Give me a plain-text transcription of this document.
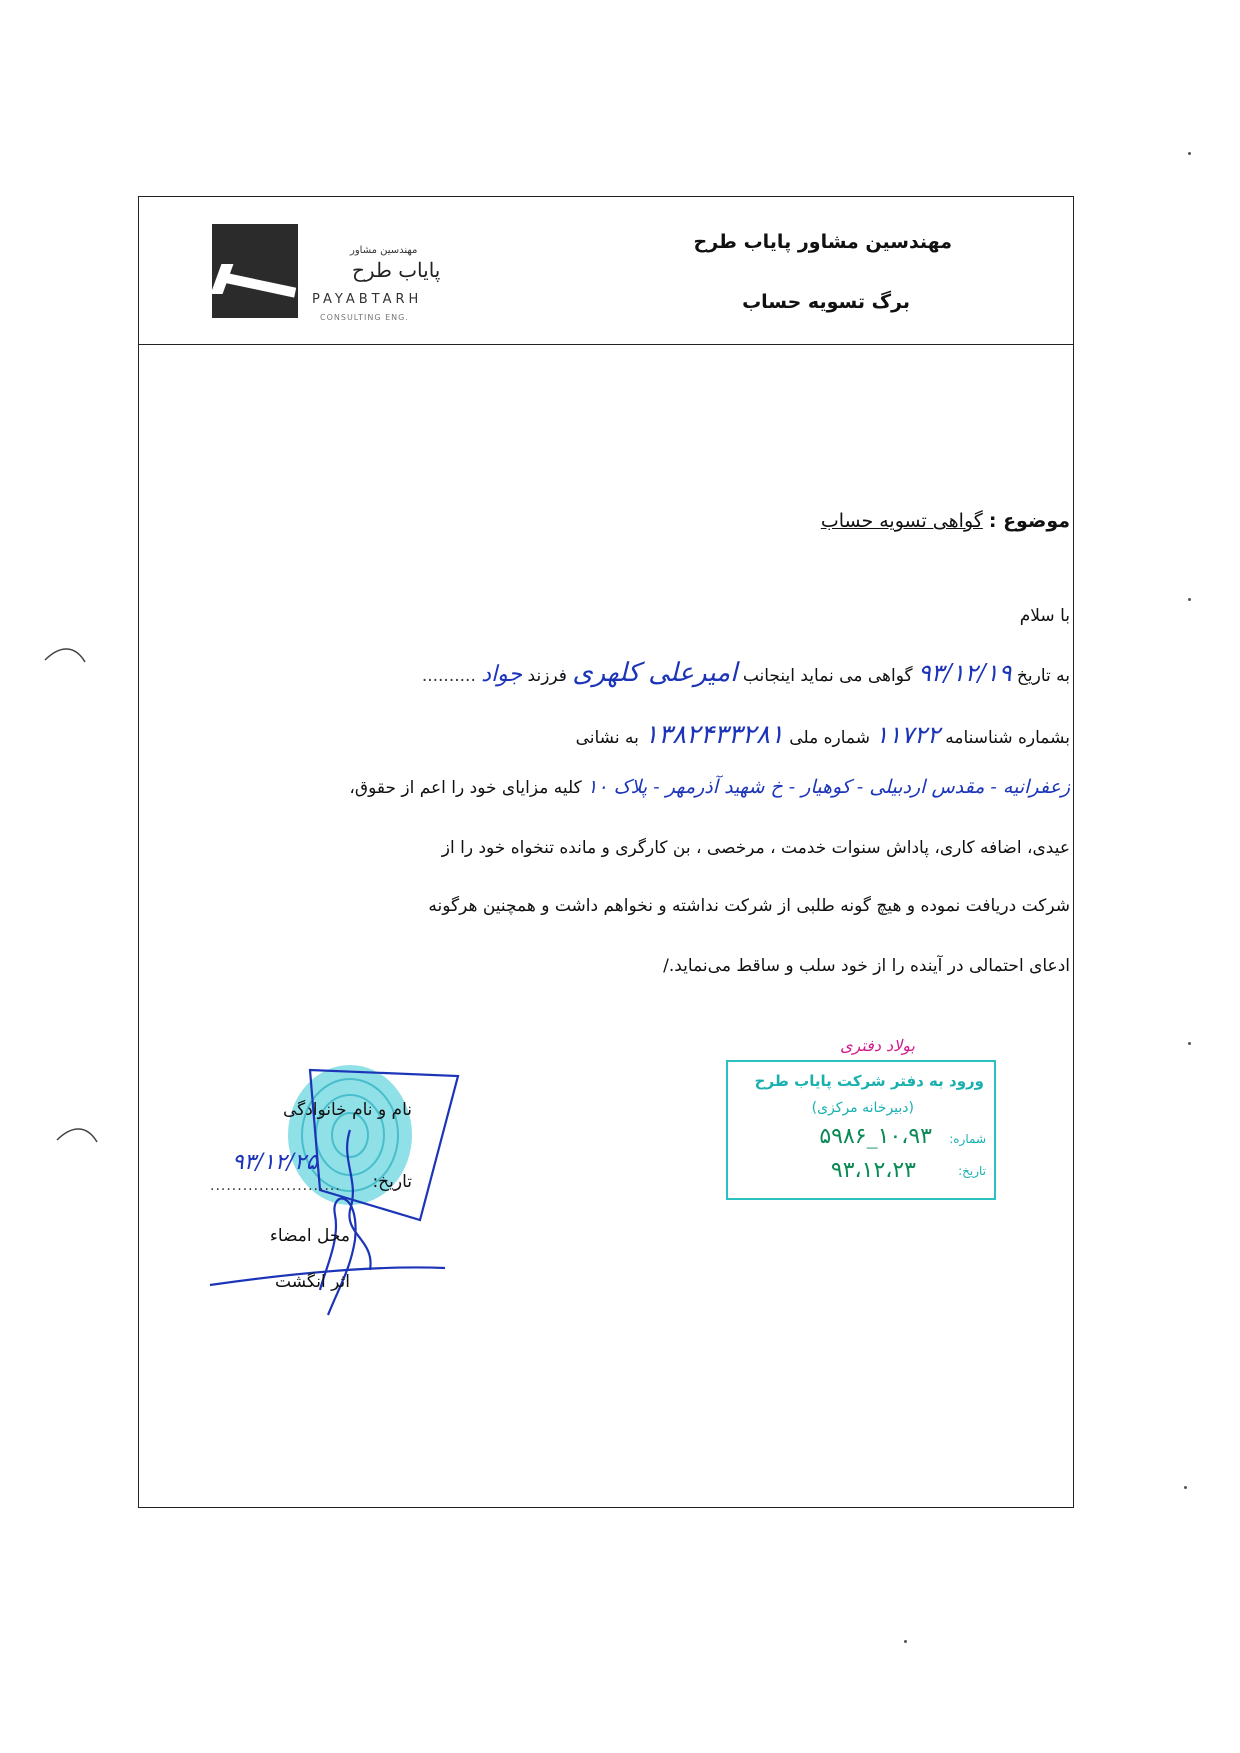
مهندسین مشاور
پایاب طرح
PAYABTARH
CONSULTING ENG.
مهندسین مشاور پایاب طرح
برگ تسویه حساب
موضوع : گواهی تسویه حساب
با سلام
به تاریخ ۹۳/۱۲/۱۹ گواهی می نماید اینجانب امیرعلی کلهری فرزند جواد ..........
بشماره شناسنامه ۱۱۷۲۲ شماره ملی ۱۳۸۲۴۳۳۲۸۱ به نشانی
زعفرانیه - مقدس اردبیلی - کوهیار - خ شهید آذرمهر - پلاک ۱۰ کلیه مزایای خود را اعم از حقوق،
عیدی، اضافه کاری، پاداش سنوات خدمت ، مرخصی ، بن کارگری و مانده تنخواه خود را از
شرکت دریافت نموده و هیچ گونه طلبی از شرکت نداشته و نخواهم داشت و همچنین هرگونه
ادعای احتمالی در آینده را از خود سلب و ساقط می‌نماید./
نام و نام خانوادگی
۹۳/۱۲/۲۵
........................ تاریخ:
محل امضاء
اثر انگشت
بولاد دفتری
ورود به دفتر شرکت پایاب طرح
(دبیرخانه مرکزی)
شماره:
۱۰،۹۳_۵۹۸۶
تاریخ:
۹۳،۱۲،۲۳
